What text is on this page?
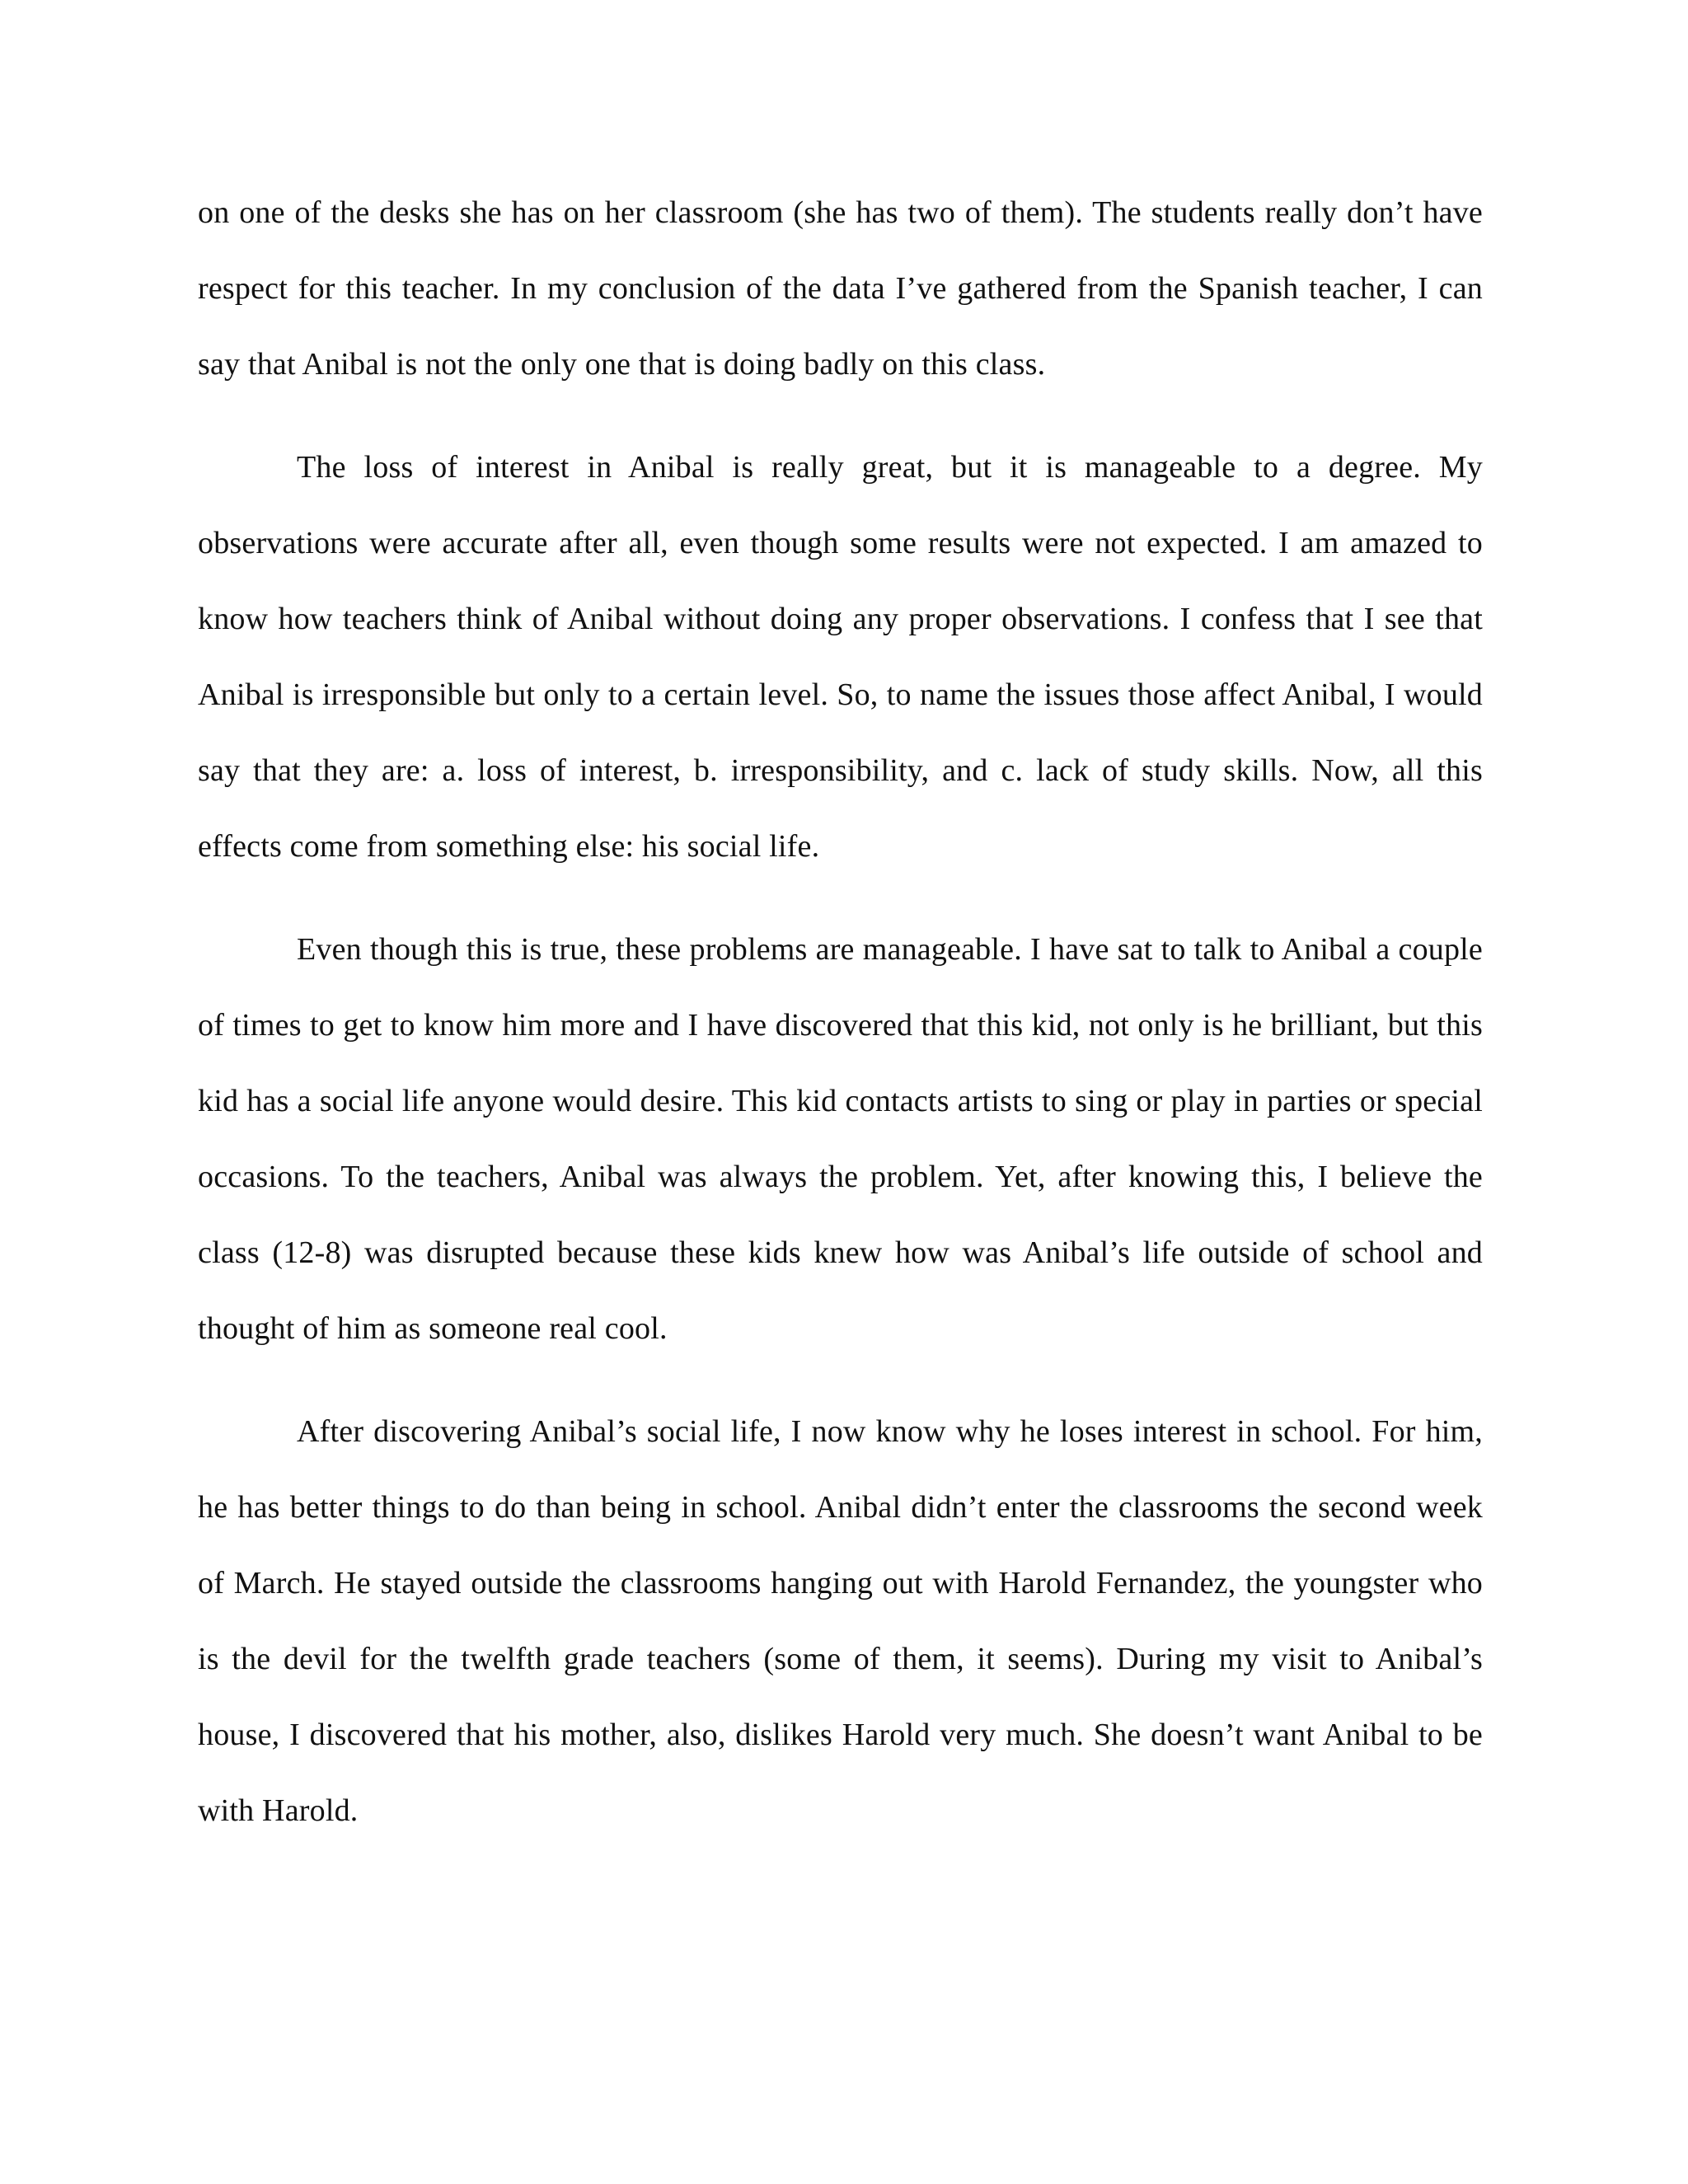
on one of the desks she has on her classroom (she has two of them). The students really don’t have respect for this teacher. In my conclusion of the data I’ve gathered from the Spanish teacher, I can say that Anibal is not the only one that is doing badly on this class.

The loss of interest in Anibal is really great, but it is manageable to a degree. My observations were accurate after all, even though some results were not expected. I am amazed to know how teachers think of Anibal without doing any proper observations. I confess that I see that Anibal is irresponsible but only to a certain level. So, to name the issues those affect Anibal, I would say that they are: a. loss of interest, b. irresponsibility, and c. lack of study skills. Now, all this effects come from something else: his social life.

Even though this is true, these problems are manageable. I have sat to talk to Anibal a couple of times to get to know him more and I have discovered that this kid, not only is he brilliant, but this kid has a social life anyone would desire. This kid contacts artists to sing or play in parties or special occasions. To the teachers, Anibal was always the problem. Yet, after knowing this, I believe the class (12-8) was disrupted because these kids knew how was Anibal’s life outside of school and thought of him as someone real cool.

After discovering Anibal’s social life, I now know why he loses interest in school. For him, he has better things to do than being in school. Anibal didn’t enter the classrooms the second week of March. He stayed outside the classrooms hanging out with Harold Fernandez, the youngster who is the devil for the twelfth grade teachers (some of them, it seems). During my visit to Anibal’s house, I discovered that his mother, also, dislikes Harold very much. She doesn’t want Anibal to be with Harold.
